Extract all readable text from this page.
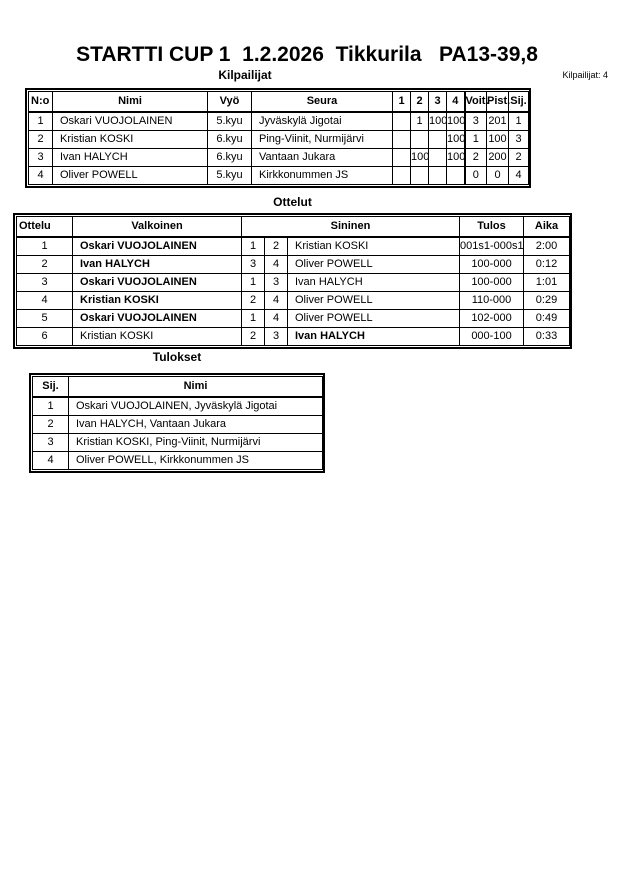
STARTTI CUP 1  1.2.2026  Tikkurila   PA13-39,8
Kilpailijat	Kilpailijat: 4
N:o	Nimi	Vyö	Seura	1	2	3	4	Voit.	Pist.	Sij.
1	Oskari VUOJOLAINEN	5.kyu	Jyväskylä Jigotai		1	100	100	3	201	1
2	Kristian KOSKI	6.kyu	Ping-Viinit, Nurmijärvi				100	1	100	3
3	Ivan HALYCH	6.kyu	Vantaan Jukara		100		100	2	200	2
4	Oliver POWELL	5.kyu	Kirkkonummen JS					0	0	4
Ottelut
Ottelu	Valkoinen	Sininen			Tulos	Aika
1	Oskari VUOJOLAINEN	1	2	Kristian KOSKI	001s1-000s1	2:00
2	Ivan HALYCH	3	4	Oliver POWELL	100-000	0:12
3	Oskari VUOJOLAINEN	1	3	Ivan HALYCH	100-000	1:01
4	Kristian KOSKI	2	4	Oliver POWELL	110-000	0:29
5	Oskari VUOJOLAINEN	1	4	Oliver POWELL	102-000	0:49
6	Kristian KOSKI	2	3	Ivan HALYCH	000-100	0:33
Tulokset
Sij.	Nimi
1	Oskari VUOJOLAINEN, Jyväskylä Jigotai
2	Ivan HALYCH, Vantaan Jukara
3	Kristian KOSKI, Ping-Viinit, Nurmijärvi
4	Oliver POWELL, Kirkkonummen JS
